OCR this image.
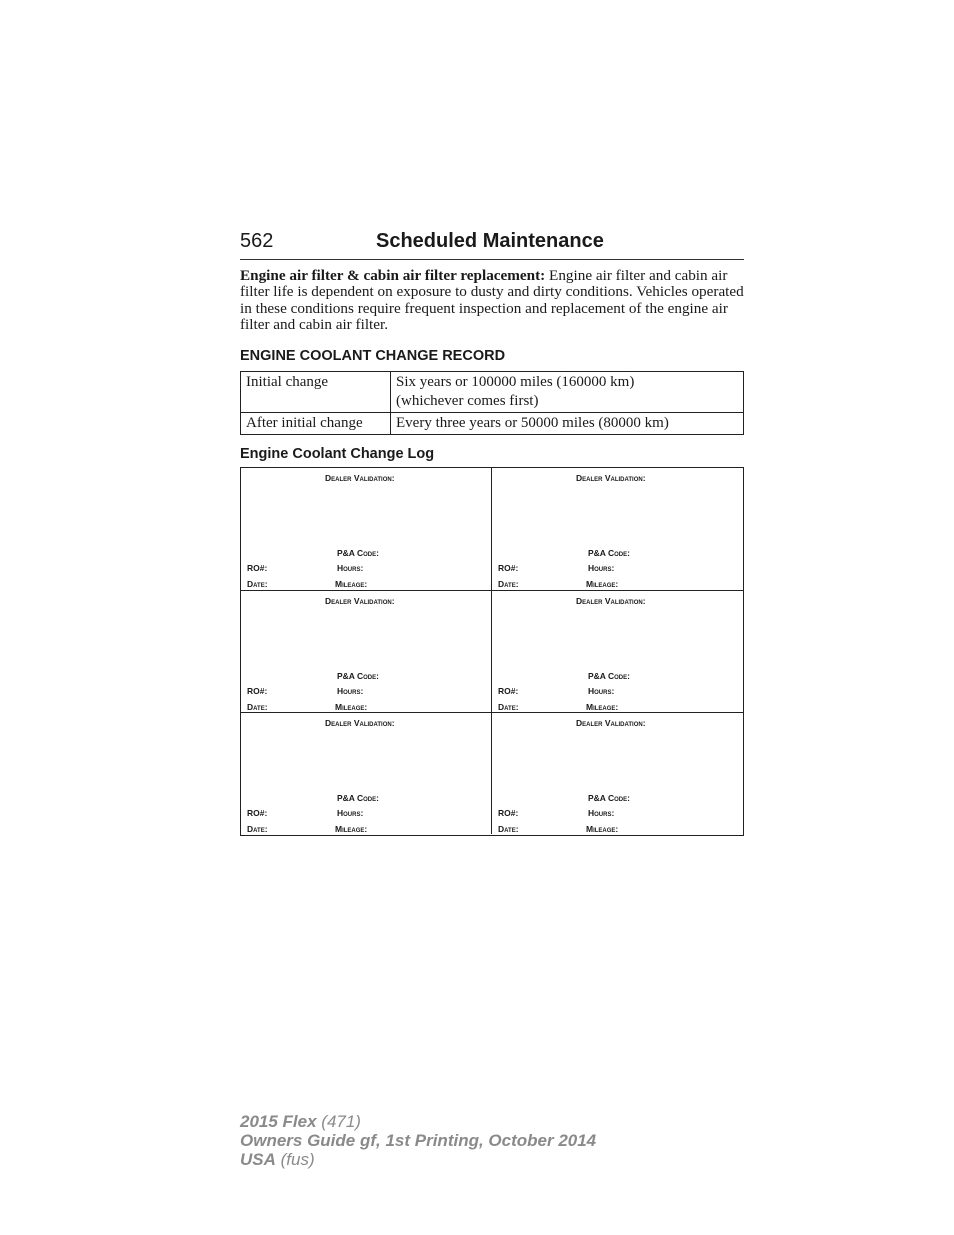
562	Scheduled Maintenance
Engine air filter & cabin air filter replacement: Engine air filter and cabin air filter life is dependent on exposure to dusty and dirty conditions. Vehicles operated in these conditions require frequent inspection and replacement of the engine air filter and cabin air filter.
ENGINE COOLANT CHANGE RECORD
Initial change	Six years or 100000 miles (160000 km)
(whichever comes first)

After initial change	Every three years or 50000 miles (80000 km)
Engine Coolant Change Log
Dealer Validation:
P&A Code:
RO#:	Hours:
Date:	Mileage:
Dealer Validation:
P&A Code:
RO#:	Hours:
Date:	Mileage:
Dealer Validation:
P&A Code:
RO#:	Hours:
Date:	Mileage:
Dealer Validation:
P&A Code:
RO#:	Hours:
Date:	Mileage:
Dealer Validation:
P&A Code:
RO#:	Hours:
Date:	Mileage:
Dealer Validation:
P&A Code:
RO#:	Hours:
Date:	Mileage:
2015 Flex (471)
Owners Guide gf, 1st Printing, October 2014
USA (fus)
